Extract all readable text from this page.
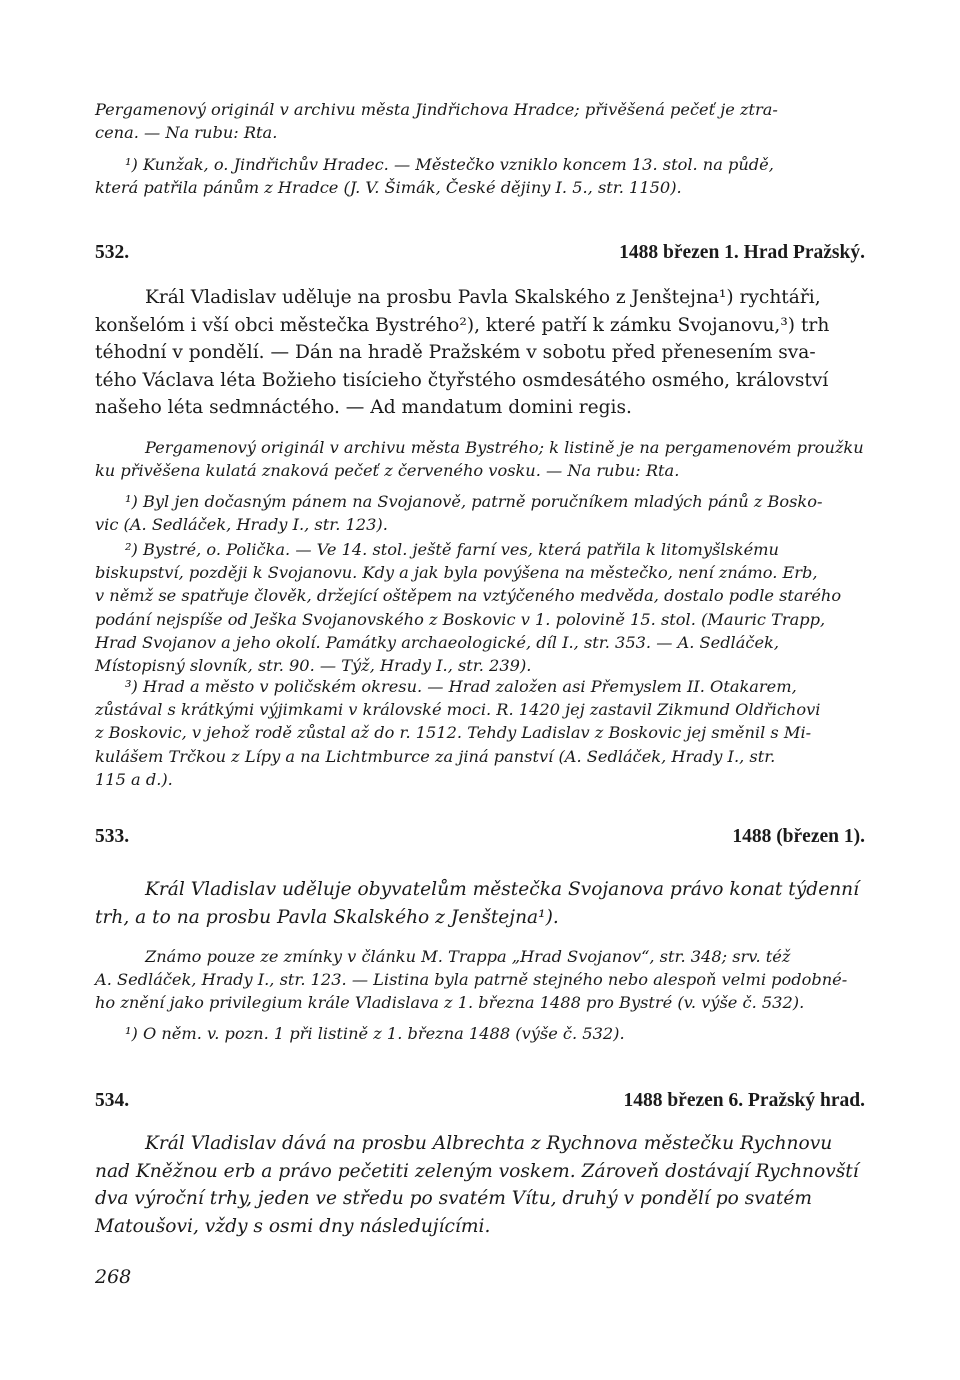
Pergamenový originál v archivu města Jindřichova Hradce; přivěšená pečeť je ztra-
cena. — Na rubu: Rta.

¹) Kunžak, o. Jindřichův Hradec. — Městečko vzniklo koncem 13. stol. na půdě,
která patřila pánům z Hradce (J. V. Šimák, České dějiny I. 5., str. 1150).

532.	1488 březen 1. Hrad Pražský.

Král Vladislav uděluje na prosbu Pavla Skalského z Jenštejna¹) rychtáři,
konšelóm i vší obci městečka Bystrého²), které patří k zámku Svojanovu,³) trh
téhodní v pondělí. — Dán na hradě Pražském v sobotu před přenesením sva-
tého Václava léta Božieho tisícieho čtyřstého osmdesátého osmého, království
našeho léta sedmnáctého. — Ad mandatum domini regis.

Pergamenový originál v archivu města Bystrého; k listině je na pergamenovém proužku
ku přivěšena kulatá znaková pečeť z červeného vosku. — Na rubu: Rta.

¹) Byl jen dočasným pánem na Svojanově, patrně poručníkem mladých pánů z Bosko-
vic (A. Sedláček, Hrady I., str. 123).

²) Bystré, o. Polička. — Ve 14. stol. ještě farní ves, která patřila k litomyšlskému
biskupství, později k Svojanovu. Kdy a jak byla povýšena na městečko, není známo. Erb,
v němž se spatřuje člověk, držející oštěpem na vztýčeného medvěda, dostalo podle starého
podání nejspíše od Ješka Svojanovského z Boskovic v 1. polovině 15. stol. (Mauric Trapp,
Hrad Svojanov a jeho okolí. Památky archaeologické, díl I., str. 353. — A. Sedláček,
Místopisný slovník, str. 90. — Týž, Hrady I., str. 239).

³) Hrad a město v poličském okresu. — Hrad založen asi Přemyslem II. Otakarem,
zůstával s krátkými výjimkami v královské moci. R. 1420 jej zastavil Zikmund Oldřichovi
z Boskovic, v jehož rodě zůstal až do r. 1512. Tehdy Ladislav z Boskovic jej směnil s Mi-
kulášem Trčkou z Lípy a na Lichtmburce za jiná panství (A. Sedláček, Hrady I., str.
115 a d.).

533.	1488 (březen 1).

Král Vladislav uděluje obyvatelům městečka Svojanova právo konat týdenní
trh, a to na prosbu Pavla Skalského z Jenštejna¹).

Známo pouze ze zmínky v článku M. Trappa „Hrad Svojanov“, str. 348; srv. též
A. Sedláček, Hrady I., str. 123. — Listina byla patrně stejného nebo alespoň velmi podobné-
ho znění jako privilegium krále Vladislava z 1. března 1488 pro Bystré (v. výše č. 532).

¹) O něm. v. pozn. 1 při listině z 1. března 1488 (výše č. 532).

534.	1488 březen 6. Pražský hrad.

Král Vladislav dává na prosbu Albrechta z Rychnova městečku Rychnovu
nad Kněžnou erb a právo pečetiti zeleným voskem. Zároveň dostávají Rychnovští
dva výroční trhy, jeden ve středu po svatém Vítu, druhý v pondělí po svatém
Matoušovi, vždy s osmi dny následujícími.

268
